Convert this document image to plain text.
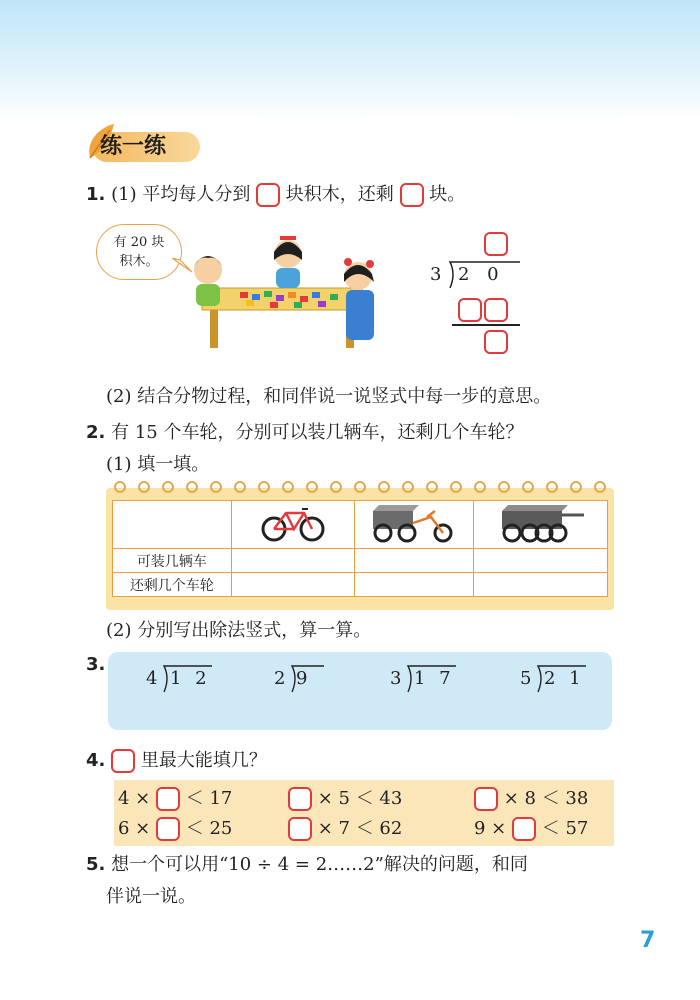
练一练
1. (1) 平均每人分到 块积木，还剩 块。
有 20 块
积木。
3 2 0
(2) 结合分物过程，和同伴说一说竖式中每一步的意思。
2. 有 15 个车轮，分别可以装几辆车，还剩几个车轮？
(1) 填一填。

可装几辆车			
还剩几个车轮			
(2) 分别写出除法竖式，算一算。
3.
4 1 2	2 9	3 1 7	5 2 1
4. 里最大能填几？
4 × ＜ 17	× 5 ＜ 43	× 8 ＜ 38
6 × ＜ 25	× 7 ＜ 62	9 × ＜ 57
5. 想一个可以用“10 ÷ 4 = 2……2”解决的问题，和同
伴说一说。
7
